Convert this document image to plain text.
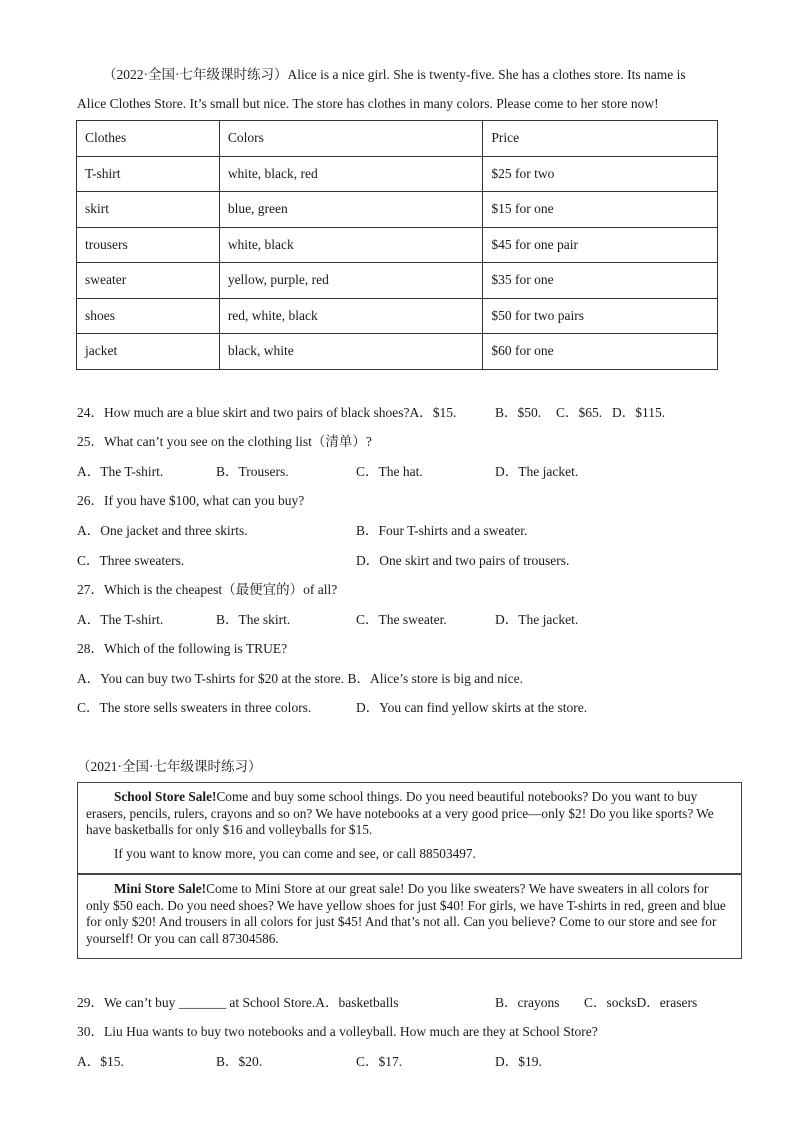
（2022·全国·七年级课时练习）Alice is a nice girl. She is twenty-five. She has a clothes store. Its name is
Alice Clothes Store. It’s small but nice. The store has clothes in many colors. Please come to her store now!
Clothes	Colors	Price
T-shirt	white, black, red	$25 for two
skirt	blue, green	$15 for one
trousers	white, black	$45 for one pair
sweater	yellow, purple, red	$35 for one
shoes	red, white, black	$50 for two pairs
jacket	black, white	$60 for one
24．How much are a blue skirt and two pairs of black shoes?A．$15.	B．$50. C．$65. D．$115.
25．What can’t you see on the clothing list（清单）?
A．The T-shirt.	B．Trousers.	C．The hat.	D．The jacket.
26．If you have $100, what can you buy?
A．One jacket and three skirts.	B．Four T-shirts and a sweater.
C．Three sweaters.	D．One skirt and two pairs of trousers.
27．Which is the cheapest（最便宜的）of all?
A．The T-shirt.	B．The skirt.	C．The sweater.	D．The jacket.
28．Which of the following is TRUE?
A．You can buy two T-shirts for $20 at the store. B．Alice’s store is big and nice.
C．The store sells sweaters in three colors.	D．You can find yellow skirts at the store.
（2021·全国·七年级课时练习）
School Store Sale!Come and buy some school things. Do you need beautiful notebooks? Do you want to buy erasers, pencils, rulers, crayons and so on? We have notebooks at a very good price—only $2! Do you like sports? We have basketballs for only $16 and volleyballs for $15.
If you want to know more, you can come and see, or call 88503497.
Mini Store Sale!Come to Mini Store at our great sale! Do you like sweaters? We have sweaters in all colors for only $50 each. Do you need shoes? We have yellow shoes for just $40! For girls, we have T-shirts in red, green and blue for only $20! And trousers in all colors for just $45! And that’s not all. Can you believe? Come to our store and see for yourself! Or you can call 87304586.
29．We can’t buy _______ at School Store.A．basketballs	B．crayons C．socksD．erasers
30．Liu Hua wants to buy two notebooks and a volleyball. How much are they at School Store?
A．$15.	B．$20.	C．$17.	D．$19.
